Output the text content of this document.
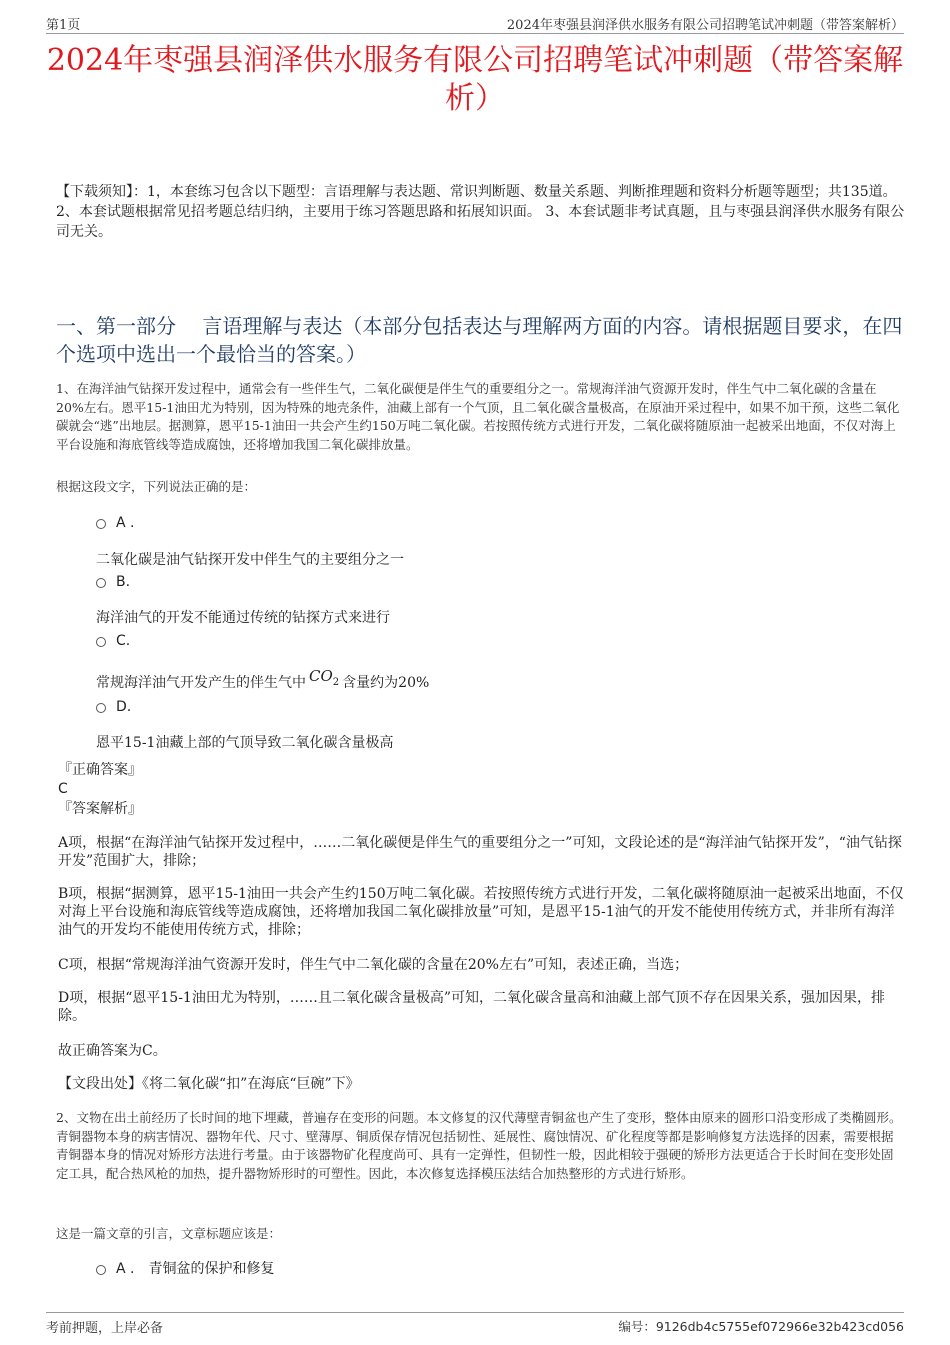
第1页	2024年枣强县润泽供水服务有限公司招聘笔试冲刺题（带答案解析）
2024年枣强县润泽供水服务有限公司招聘笔试冲刺题（带答案解析）
【下载须知】：1，本套练习包含以下题型：言语理解与表达题、常识判断题、数量关系题、判断推理题和资料分析题等题型；共135道。 2、本套试题根据常见招考题总结归纳，主要用于练习答题思路和拓展知识面。 3、本套试题非考试真题，且与枣强县润泽供水服务有限公司无关。
一、第一部分　 言语理解与表达（本部分包括表达与理解两方面的内容。请根据题目要求，在四个选项中选出一个最恰当的答案。）
1、在海洋油气钻探开发过程中，通常会有一些伴生气，二氧化碳便是伴生气的重要组分之一。常规海洋油气资源开发时，伴生气中二氧化碳的含量在20%左右。恩平15-1油田尤为特别，因为特殊的地壳条件，油藏上部有一个气顶，且二氧化碳含量极高，在原油开采过程中，如果不加干预，这些二氧化碳就会“逃”出地层。据测算，恩平15-1油田一共会产生约150万吨二氧化碳。若按照传统方式进行开发，二氧化碳将随原油一起被采出地面，不仅对海上平台设施和海底管线等造成腐蚀，还将增加我国二氧化碳排放量。
根据这段文字，下列说法正确的是：
A .
二氧化碳是油气钻探开发中伴生气的主要组分之一
B.
海洋油气的开发不能通过传统的钻探方式来进行
C.
常规海洋油气开发产生的伴生气中 $CO_2$ 含量约为20%
D.
恩平15-1油藏上部的气顶导致二氧化碳含量极高
『正确答案』
C
『答案解析』
A项，根据“在海洋油气钻探开发过程中，……二氧化碳便是伴生气的重要组分之一”可知，文段论述的是“海洋油气钻探开发”，“油气钻探开发”范围扩大，排除；
B项，根据“据测算，恩平15-1油田一共会产生约150万吨二氧化碳。若按照传统方式进行开发，二氧化碳将随原油一起被采出地面，不仅对海上平台设施和海底管线等造成腐蚀，还将增加我国二氧化碳排放量”可知，是恩平15-1油气的开发不能使用传统方式，并非所有海洋油气的开发均不能使用传统方式，排除；
C项，根据“常规海洋油气资源开发时，伴生气中二氧化碳的含量在20%左右”可知，表述正确，当选；
D项，根据“恩平15-1油田尤为特别，……且二氧化碳含量极高”可知，二氧化碳含量高和油藏上部气顶不存在因果关系，强加因果，排除。
故正确答案为C。
【文段出处】《将二氧化碳“扣”在海底“巨碗”下》
2、文物在出土前经历了长时间的地下埋藏，普遍存在变形的问题。本文修复的汉代薄壁青铜盆也产生了变形，整体由原来的圆形口沿变形成了类椭圆形。青铜器物本身的病害情况、器物年代、尺寸、壁薄厚、铜质保存情况包括韧性、延展性、腐蚀情况、矿化程度等都是影响修复方法选择的因素，需要根据青铜器本身的情况对矫形方法进行考量。由于该器物矿化程度尚可、具有一定弹性，但韧性一般，因此相较于强硬的矫形方法更适合于长时间在变形处固定工具，配合热风枪的加热，提升器物矫形时的可塑性。因此，本次修复选择模压法结合加热整形的方式进行矫形。
这是一篇文章的引言，文章标题应该是：
A . 青铜盆的保护和修复
考前押题，上岸必备	编号：9126db4c5755ef072966e32b423cd056
